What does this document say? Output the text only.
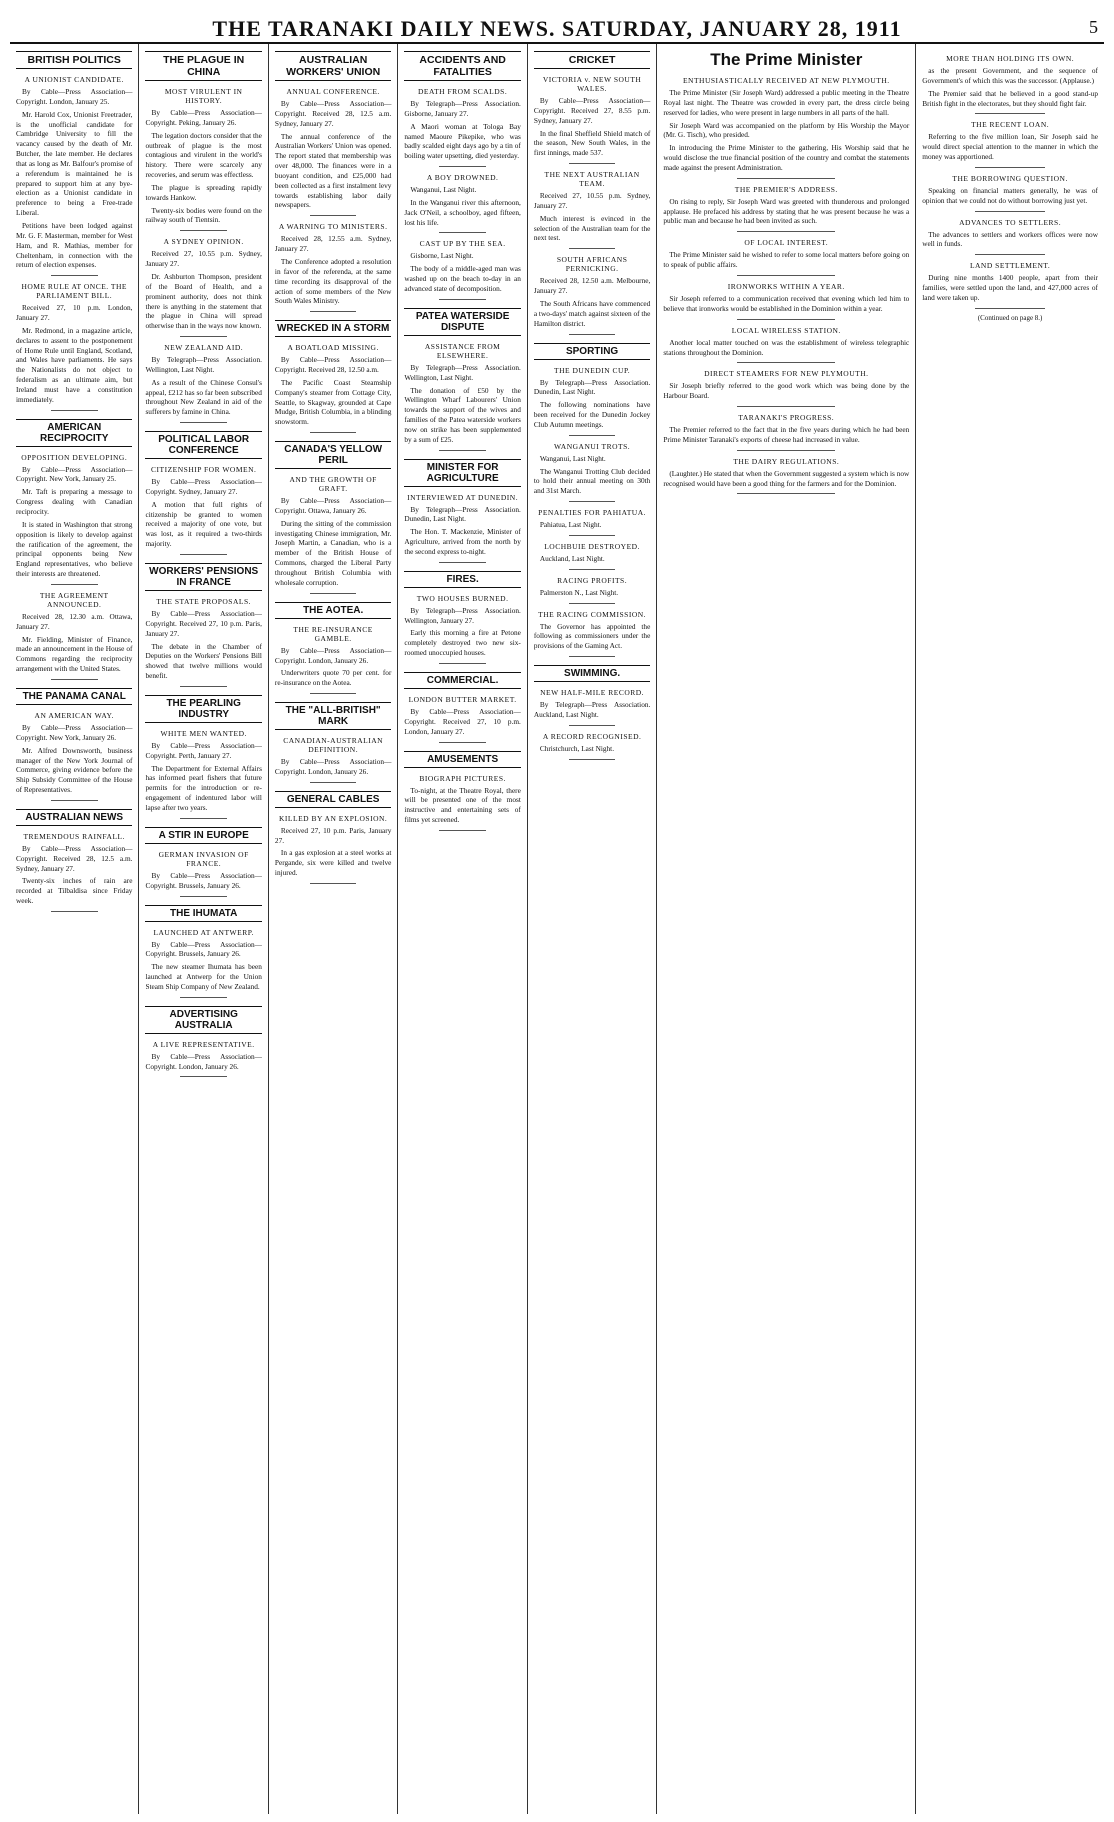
THE TARANAKI DAILY NEWS. SATURDAY, JANUARY 28, 1911	5
BRITISH POLITICS
A UNIONIST CANDIDATE.

By Cable—Press Association—Copyright. London, January 25.

Mr. Harold Cox, Unionist Freetrader, is the unofficial candidate for Cambridge University to fill the vacancy caused by the death of Mr. Butcher, the late member. He declares that as long as Mr. Balfour's promise of a referendum is maintained he is prepared to support him at any bye-election as a Unionist candidate in preference to being a Free-trade Liberal.

Petitions have been lodged against Mr. G. F. Masterman, member for West Ham, and R. Mathias, member for Cheltenham, in connection with the return of election expenses.

HOME RULE AT ONCE. THE PARLIAMENT BILL.

Received 27, 10 p.m. London, January 27.

Mr. Redmond, in a magazine article, declares to assent to the postponement of Home Rule until England, Scotland, and Wales have parliaments. He says the Nationalists do not object to federalism as an ultimate aim, but Ireland must have a constitution immediately.

AMERICAN RECIPROCITY
OPPOSITION DEVELOPING.

By Cable—Press Association—Copyright. New York, January 25.

Mr. Taft is preparing a message to Congress dealing with Canadian reciprocity.

It is stated in Washington that strong opposition is likely to develop against the ratification of the agreement, the principal opponents being New England representatives, who believe their interests are threatened.

THE AGREEMENT ANNOUNCED.

Received 28, 12.30 a.m. Ottawa, January 27.

Mr. Fielding, Minister of Finance, made an announcement in the House of Commons regarding the reciprocity arrangement with the United States.

THE PANAMA CANAL
AN AMERICAN WAY.

By Cable—Press Association—Copyright. New York, January 26.

Mr. Alfred Downsworth, business manager of the New York Journal of Commerce, giving evidence before the Ship Subsidy Committee of the House of Representatives.

AUSTRALIAN NEWS
TREMENDOUS RAINFALL.

By Cable—Press Association—Copyright. Received 28, 12.5 a.m. Sydney, January 27.

Twenty-six inches of rain are recorded at Tilbaldisa since Friday week.

THE PLAGUE IN CHINA
MOST VIRULENT IN HISTORY.

By Cable—Press Association—Copyright. Peking, January 26.

The legation doctors consider that the outbreak of plague is the most contagious and virulent in the world's history. There were scarcely any recoveries, and serum was effectless.

The plague is spreading rapidly towards Hankow.

Twenty-six bodies were found on the railway south of Tientsin.

A SYDNEY OPINION.

Received 27, 10.55 p.m. Sydney, January 27.

Dr. Ashburton Thompson, president of the Board of Health, and a prominent authority, does not think there is anything in the statement that the plague in China will spread otherwise than in the ways now known.

NEW ZEALAND AID.

By Telegraph—Press Association. Wellington, Last Night.

As a result of the Chinese Consul's appeal, £212 has so far been subscribed throughout New Zealand in aid of the sufferers by famine in China.

POLITICAL LABOR CONFERENCE
CITIZENSHIP FOR WOMEN.

By Cable—Press Association—Copyright. Sydney, January 27.

A motion that full rights of citizenship be granted to women received a majority of one vote, but was lost, as it required a two-thirds majority.

WORKERS' PENSIONS IN FRANCE
THE STATE PROPOSALS.

By Cable—Press Association—Copyright. Received 27, 10 p.m. Paris, January 27.

The debate in the Chamber of Deputies on the Workers' Pensions Bill showed that twelve millions would benefit.

THE PEARLING INDUSTRY
WHITE MEN WANTED.

By Cable—Press Association—Copyright. Perth, January 27.

The Department for External Affairs has informed pearl fishers that future permits for the introduction or re-engagement of indentured labor will lapse after two years.

A STIR IN EUROPE
GERMAN INVASION OF FRANCE.

By Cable—Press Association—Copyright. Brussels, January 26.

THE IHUMATA
LAUNCHED AT ANTWERP.

By Cable—Press Association—Copyright. Brussels, January 26.

The new steamer Ihumata has been launched at Antwerp for the Union Steam Ship Company of New Zealand.

ADVERTISING AUSTRALIA
A LIVE REPRESENTATIVE.

By Cable—Press Association—Copyright. London, January 26.

AUSTRALIAN WORKERS' UNION
ANNUAL CONFERENCE.

By Cable—Press Association—Copyright. Received 28, 12.5 a.m. Sydney, January 27.

The annual conference of the Australian Workers' Union was opened. The report stated that membership was over 48,000. The finances were in a buoyant condition, and £25,000 had been collected as a first instalment levy towards establishing labor daily newspapers.

A WARNING TO MINISTERS.

Received 28, 12.55 a.m. Sydney, January 27.

The Conference adopted a resolution in favor of the referenda, at the same time recording its disapproval of the action of some members of the New South Wales Ministry.

WRECKED IN A STORM
A BOATLOAD MISSING.

By Cable—Press Association—Copyright. Received 28, 12.50 a.m.

The Pacific Coast Steamship Company's steamer from Cottage City, Seattle, to Skagway, grounded at Cape Mudge, British Columbia, in a blinding snowstorm.

CANADA'S YELLOW PERIL
AND THE GROWTH OF GRAFT.

By Cable—Press Association—Copyright. Ottawa, January 26.

During the sitting of the commission investigating Chinese immigration, Mr. Joseph Martin, a Canadian, who is a member of the British House of Commons, charged the Liberal Party throughout British Columbia with wholesale corruption.

THE AOTEA.
THE RE-INSURANCE GAMBLE.

By Cable—Press Association—Copyright. London, January 26.

Underwriters quote 70 per cent. for re-insurance on the Aotea.

THE "ALL-BRITISH" MARK
CANADIAN-AUSTRALIAN DEFINITION.

By Cable—Press Association—Copyright. London, January 26.

GENERAL CABLES
KILLED BY AN EXPLOSION.

Received 27, 10 p.m. Paris, January 27.

In a gas explosion at a steel works at Pergande, six were killed and twelve injured.

ACCIDENTS AND FATALITIES
DEATH FROM SCALDS.

By Telegraph—Press Association. Gisborne, January 27.

A Maori woman at Tologa Bay named Maoure Pikepike, who was badly scalded eight days ago by a tin of boiling water upsetting, died yesterday.

A BOY DROWNED.

Wanganui, Last Night.

In the Wanganui river this afternoon, Jack O'Neil, a schoolboy, aged fifteen, lost his life.

CAST UP BY THE SEA.

Gisborne, Last Night.

The body of a middle-aged man was washed up on the beach to-day in an advanced state of decomposition.

PATEA WATERSIDE DISPUTE
ASSISTANCE FROM ELSEWHERE.

By Telegraph—Press Association. Wellington, Last Night.

The donation of £50 by the Wellington Wharf Labourers' Union towards the support of the wives and families of the Patea waterside workers now on strike has been supplemented by a sum of £25.

MINISTER FOR AGRICULTURE
INTERVIEWED AT DUNEDIN.

By Telegraph—Press Association. Dunedin, Last Night.

The Hon. T. Mackenzie, Minister of Agriculture, arrived from the north by the second express to-night.

FIRES.
TWO HOUSES BURNED.

By Telegraph—Press Association. Wellington, January 27.

Early this morning a fire at Petone completely destroyed two new six-roomed unoccupied houses.

COMMERCIAL.
LONDON BUTTER MARKET.

By Cable—Press Association—Copyright. Received 27, 10 p.m. London, January 27.

AMUSEMENTS
BIOGRAPH PICTURES.

To-night, at the Theatre Royal, there will be presented one of the most instructive and entertaining sets of films yet screened.

CRICKET
VICTORIA v. NEW SOUTH WALES.

By Cable—Press Association—Copyright. Received 27, 8.55 p.m. Sydney, January 27.

In the final Sheffield Shield match of the season, New South Wales, in the first innings, made 537.

THE NEXT AUSTRALIAN TEAM.

Received 27, 10.55 p.m. Sydney, January 27.

Much interest is evinced in the selection of the Australian team for the next test.

SOUTH AFRICANS PERNICKING.

Received 28, 12.50 a.m. Melbourne, January 27.

The South Africans have commenced a two-days' match against sixteen of the Hamilton district.

SPORTING
THE DUNEDIN CUP.

By Telegraph—Press Association. Dunedin, Last Night.

The following nominations have been received for the Dunedin Jockey Club Autumn meetings.

WANGANUI TROTS.

Wanganui, Last Night.

The Wanganui Trotting Club decided to hold their annual meeting on 30th and 31st March.

PENALTIES FOR PAHIATUA.

Pahiatua, Last Night.

LOCHBUIE DESTROYED.

Auckland, Last Night.

RACING PROFITS.

Palmerston N., Last Night.

THE RACING COMMISSION.

The Governor has appointed the following as commissioners under the provisions of the Gaming Act.

SWIMMING.
NEW HALF-MILE RECORD.

By Telegraph—Press Association. Auckland, Last Night.

A RECORD RECOGNISED.

Christchurch, Last Night.

The Prime Minister
ENTHUSIASTICALLY RECEIVED AT NEW PLYMOUTH.

The Prime Minister (Sir Joseph Ward) addressed a public meeting in the Theatre Royal last night. The Theatre was crowded in every part, the dress circle being reserved for ladies, who were present in large numbers in all parts of the hall.

Sir Joseph Ward was accompanied on the platform by His Worship the Mayor (Mr. G. Tisch), who presided.

In introducing the Prime Minister to the gathering, His Worship said that he would disclose the true financial position of the country and combat the statements made against the present Administration.

THE PREMIER'S ADDRESS.

On rising to reply, Sir Joseph Ward was greeted with thunderous and prolonged applause. He prefaced his address by stating that he was present because he was a public man and because he had been invited as such.

OF LOCAL INTEREST.

The Prime Minister said he wished to refer to some local matters before going on to speak of public affairs.

IRONWORKS WITHIN A YEAR.

Sir Joseph referred to a communication received that evening which led him to believe that ironworks would be established in the Dominion within a year.

LOCAL WIRELESS STATION.

Another local matter touched on was the establishment of wireless telegraphic stations throughout the Dominion.

DIRECT STEAMERS FOR NEW PLYMOUTH.

Sir Joseph briefly referred to the good work which was being done by the Harbour Board.

TARANAKI'S PROGRESS.

The Premier referred to the fact that in the five years during which he had been Prime Minister Taranaki's exports of cheese had increased in value.

THE DAIRY REGULATIONS.

(Laughter.) He stated that when the Government suggested a system which is now recognised would have been a good thing for the farmers and for the Dominion.

MORE THAN HOLDING ITS OWN.

as the present Government, and the sequence of Government's of which this was the successor. (Applause.)

The Premier said that he believed in a good stand-up British fight in the electorates, but they should fight fair.

THE RECENT LOAN.

Referring to the five million loan, Sir Joseph said he would direct special attention to the manner in which the money was apportioned.

THE BORROWING QUESTION.

Speaking on financial matters generally, he was of opinion that we could not do without borrowing just yet.

ADVANCES TO SETTLERS.

The advances to settlers and workers offices were now well in funds.

LAND SETTLEMENT.

During nine months 1400 people, apart from their families, were settled upon the land, and 427,000 acres of land were taken up.

(Continued on page 8.)
